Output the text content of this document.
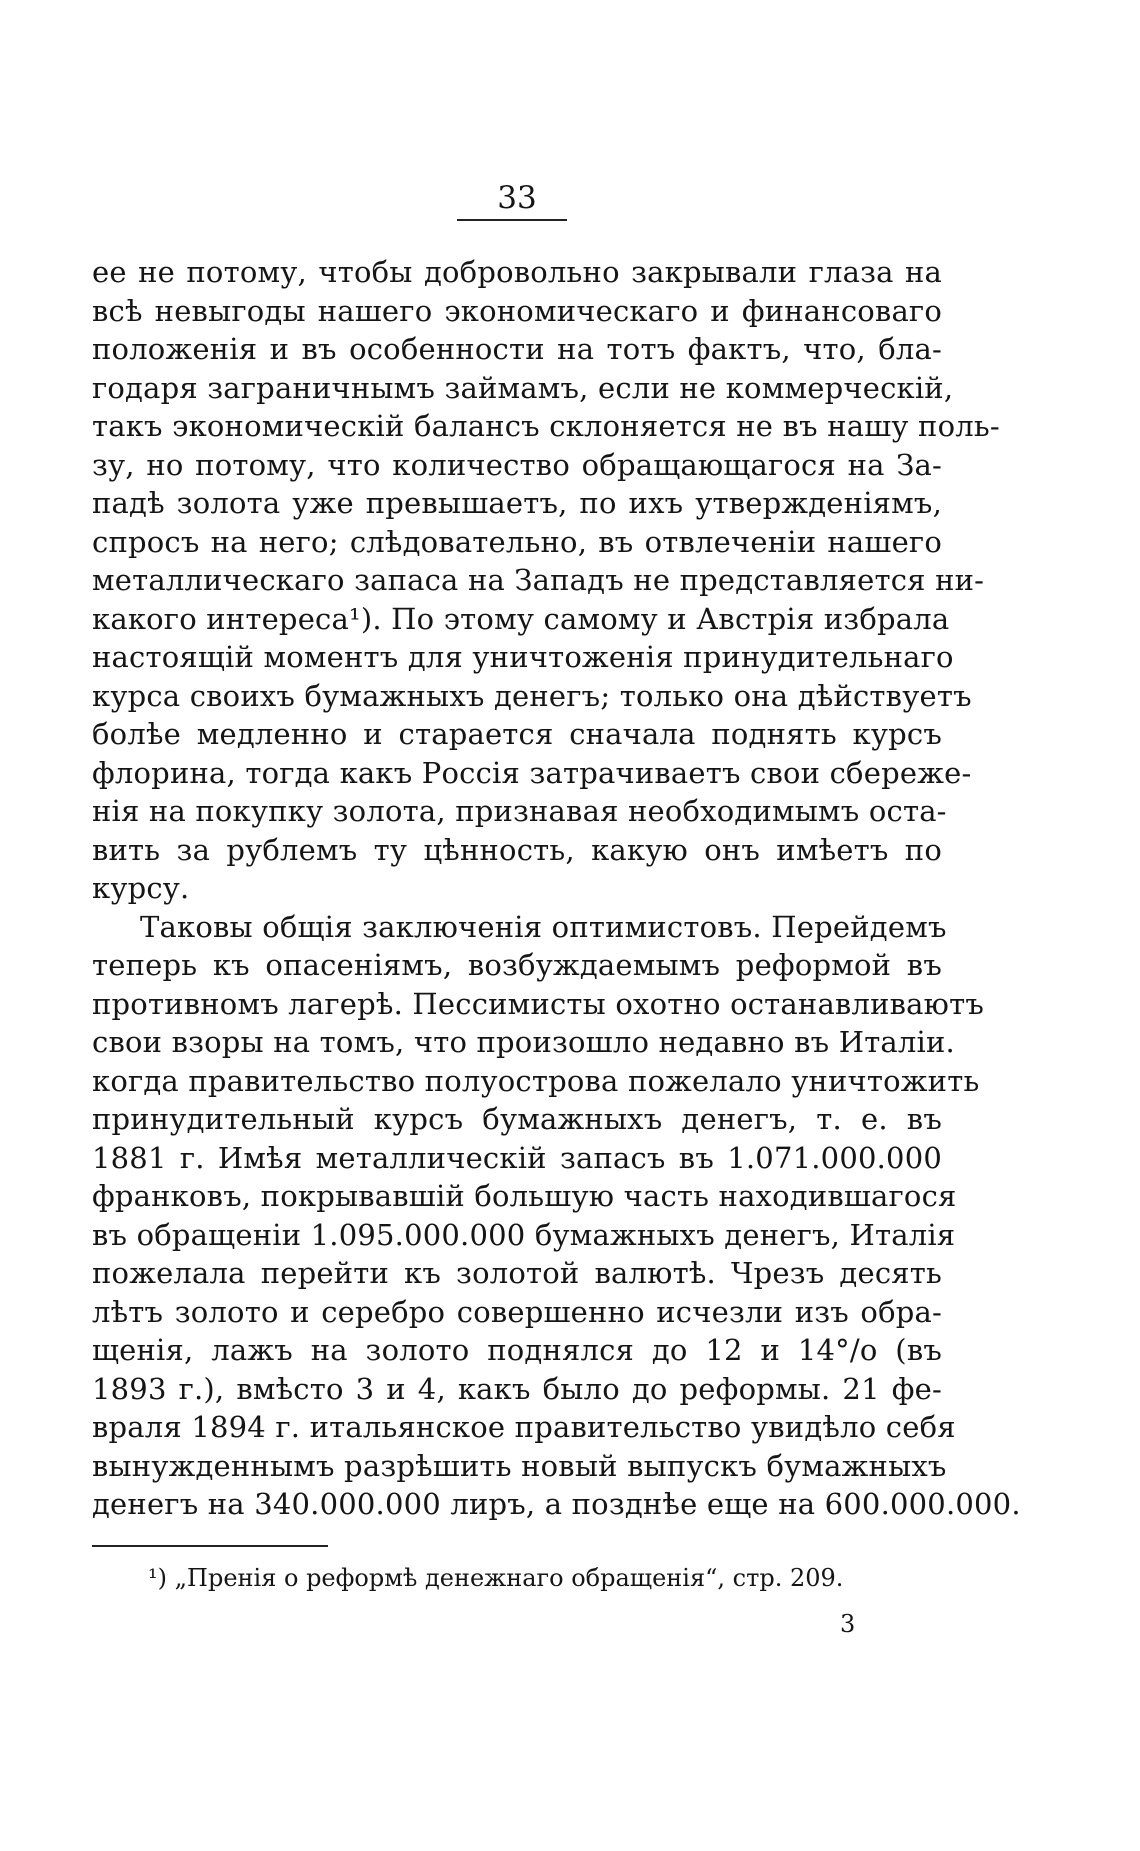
33
ее не потому, чтобы добровольно закрывали глаза на
всѣ невыгоды нашего экономическаго и финансоваго
положенія и въ особенности на тотъ фактъ, что, бла-
годаря заграничнымъ займамъ, если не коммерческій,
такъ экономическій балансъ склоняется не въ нашу поль-
зу, но потому, что количество обращающагося на За-
падѣ золота уже превышаетъ, по ихъ утвержденіямъ,
спросъ на него; слѣдовательно, въ отвлеченіи нашего
металлическаго запаса на Западъ не представляется ни-
какого интереса¹). По этому самому и Австрія избрала
настоящій моментъ для уничтоженія принудительнаго
курса своихъ бумажныхъ денегъ; только она дѣйствуетъ
болѣе медленно и старается сначала поднять курсъ
флорина, тогда какъ Россія затрачиваетъ свои сбереже-
нія на покупку золота, признавая необходимымъ оста-
вить за рублемъ ту цѣнность, какую онъ имѣетъ по
курсу.
Таковы общія заключенія оптимистовъ. Перейдемъ
теперь къ опасеніямъ, возбуждаемымъ реформой въ
противномъ лагерѣ. Пессимисты охотно останавливаютъ
свои взоры на томъ, что произошло недавно въ Италіи.
когда правительство полуострова пожелало уничтожить
принудительный курсъ бумажныхъ денегъ, т. е. въ
1881 г. Имѣя металлическій запасъ въ 1.071.000.000
франковъ, покрывавшій большую часть находившагося
въ обращеніи 1.095.000.000 бумажныхъ денегъ, Италія
пожелала перейти къ золотой валютѣ. Чрезъ десять
лѣтъ золото и серебро совершенно исчезли изъ обра-
щенія, лажъ на золото поднялся до 12 и 14°/o (въ
1893 г.), вмѣсто 3 и 4, какъ было до реформы. 21 фе-
враля 1894 г. итальянское правительство увидѣло себя
вынужденнымъ разрѣшить новый выпускъ бумажныхъ
денегъ на 340.000.000 лиръ, а позднѣе еще на 600.000.000.
¹) „Пренія о реформѣ денежнаго обращенія“, стр. 209.
3
